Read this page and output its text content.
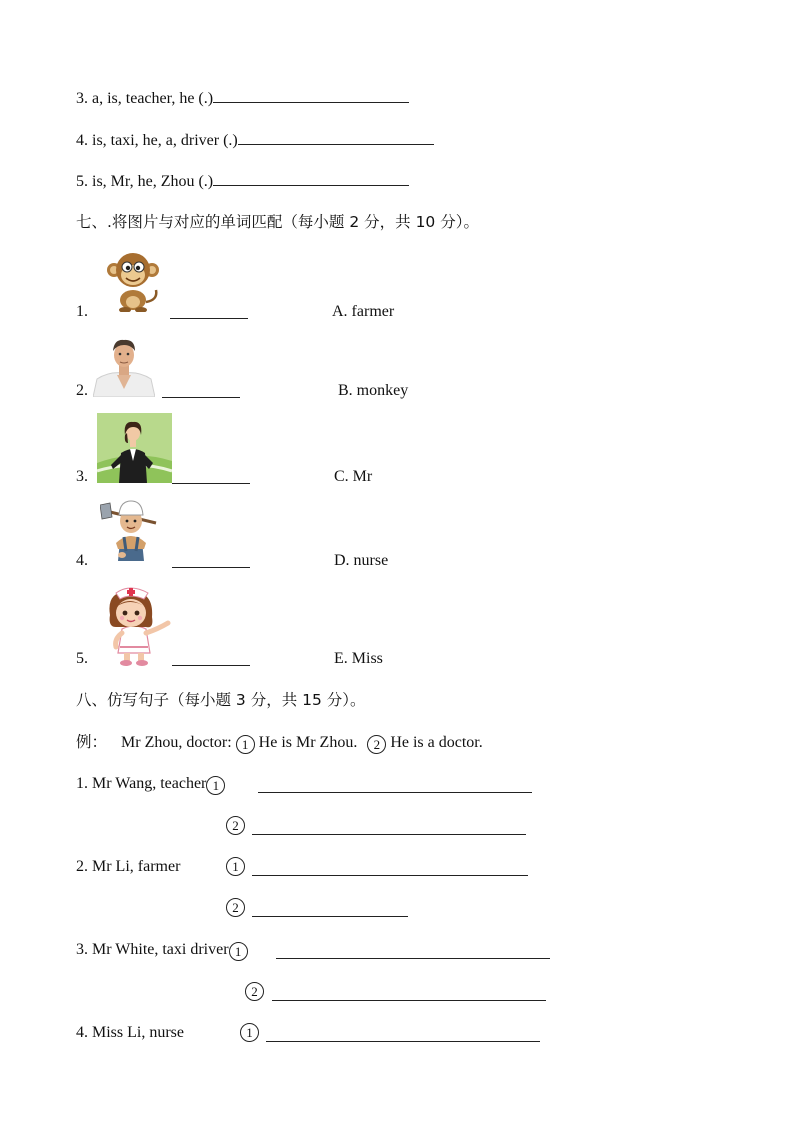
3. a, is, teacher, he (.)
4. is, taxi, he, a, driver (.)
5. is, Mr, he, Zhou (.)
七、.将图片与对应的单词匹配（每小题 2 分，共 10 分）。
1.	A. farmer
2.	B. monkey
3.	C. Mr
4.	D. nurse
5.	E. Miss
八、仿写句子（每小题 3 分，共 15 分）。
例： Mr Zhou, doctor: 1 He is Mr Zhou. 2 He is a doctor.
1. Mr Wang, teacher 1
2
2. Mr Li, farmer	1
2
3. Mr White, taxi driver 1
2
4. Miss Li, nurse	1
